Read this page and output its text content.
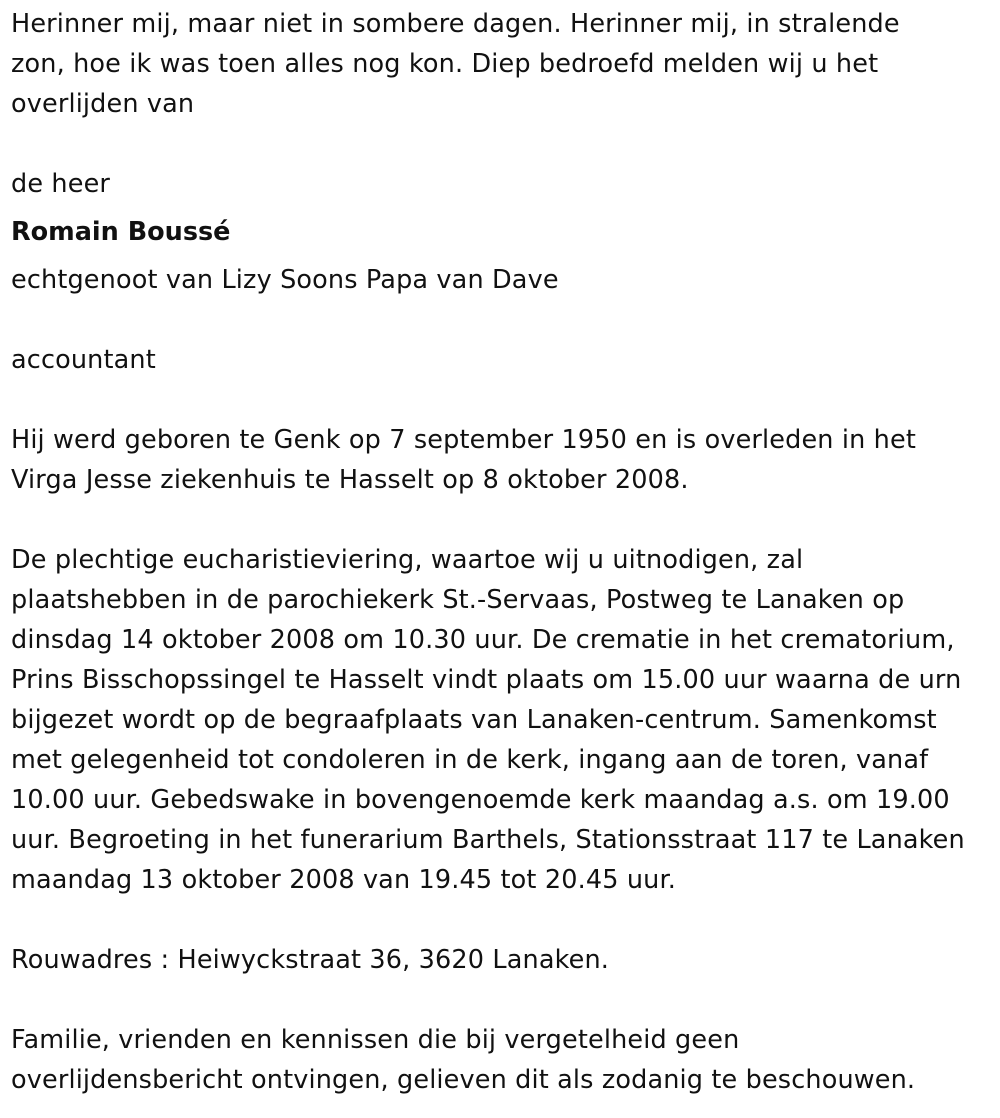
Herinner mij, maar niet in sombere dagen. Herinner mij, in stralende
zon, hoe ik was toen alles nog kon. Diep bedroefd melden wij u het
overlijden van

de heer

Romain Boussé

echtgenoot van Lizy Soons Papa van Dave

accountant

Hij werd geboren te Genk op 7 september 1950 en is overleden in het
Virga Jesse ziekenhuis te Hasselt op 8 oktober 2008.

De plechtige eucharistieviering, waartoe wij u uitnodigen, zal
plaatshebben in de parochiekerk St.-Servaas, Postweg te Lanaken op
dinsdag 14 oktober 2008 om 10.30 uur. De crematie in het crematorium,
Prins Bisschopssingel te Hasselt vindt plaats om 15.00 uur waarna de urn
bijgezet wordt op de begraafplaats van Lanaken-centrum. Samenkomst
met gelegenheid tot condoleren in de kerk, ingang aan de toren, vanaf
10.00 uur. Gebedswake in bovengenoemde kerk maandag a.s. om 19.00
uur. Begroeting in het funerarium Barthels, Stationsstraat 117 te Lanaken
maandag 13 oktober 2008 van 19.45 tot 20.45 uur.

Rouwadres : Heiwyckstraat 36, 3620 Lanaken.

Familie, vrienden en kennissen die bij vergetelheid geen
overlijdensbericht ontvingen, gelieven dit als zodanig te beschouwen.
